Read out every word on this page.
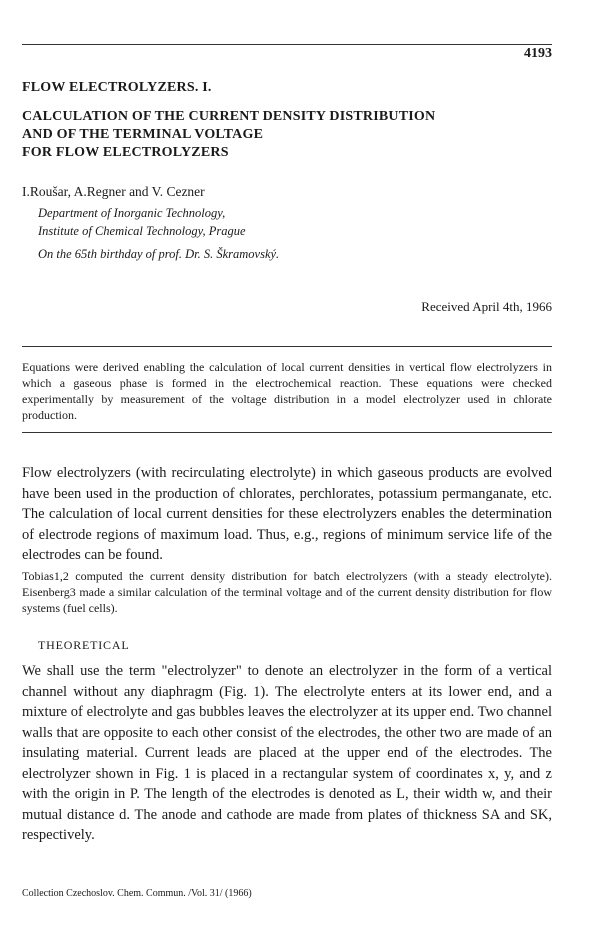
4193
FLOW ELECTROLYZERS. I.
CALCULATION OF THE CURRENT DENSITY DISTRIBUTION
AND OF THE TERMINAL VOLTAGE
FOR FLOW ELECTROLYZERS
I.Roušar, A.Regner and V. Cezner
Department of Inorganic Technology,
Institute of Chemical Technology, Prague
On the 65th birthday of prof. Dr. S. Škramovský.
Received April 4th, 1966

Equations were derived enabling the calculation of local current densities in vertical flow electrolyzers in which a gaseous phase is formed in the electrochemical reaction. These equations were checked experimentally by measurement of the voltage distribution in a model electrolyzer used in chlorate production.

Flow electrolyzers (with recirculating electrolyte) in which gaseous products are evolved have been used in the production of chlorates, perchlorates, potassium permanganate, etc. The calculation of local current densities for these electrolyzers enables the determination of electrode regions of maximum load. Thus, e.g., regions of minimum service life of the electrodes can be found.

Tobias1,2 computed the current density distribution for batch electrolyzers (with a steady electrolyte). Eisenberg3 made a similar calculation of the terminal voltage and of the current density distribution for flow systems (fuel cells).

THEORETICAL

We shall use the term "electrolyzer" to denote an electrolyzer in the form of a vertical channel without any diaphragm (Fig. 1). The electrolyte enters at its lower end, and a mixture of electrolyte and gas bubbles leaves the electrolyzer at its upper end. Two channel walls that are opposite to each other consist of the electrodes, the other two are made of an insulating material. Current leads are placed at the upper end of the electrodes. The electrolyzer shown in Fig. 1 is placed in a rectangular system of coordinates x, y, and z with the origin in P. The length of the electrodes is denoted as L, their width w, and their mutual distance d. The anode and cathode are made from plates of thickness SA and SK, respectively.

Collection Czechoslov. Chem. Commun. /Vol. 31/ (1966)
